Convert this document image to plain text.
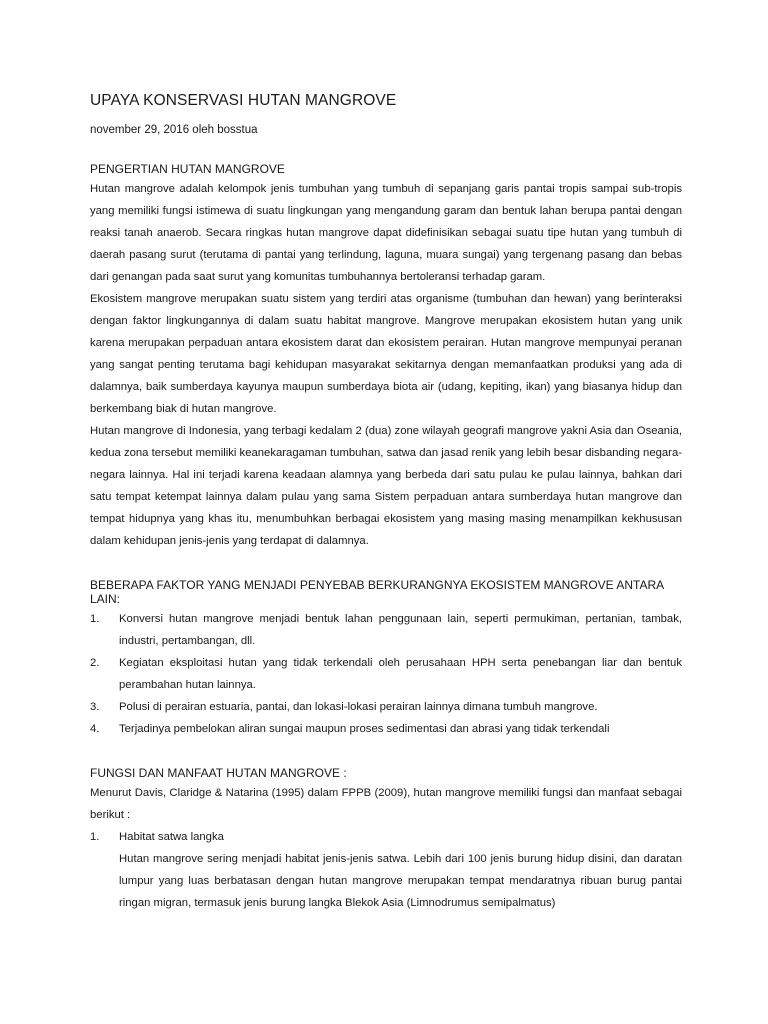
UPAYA KONSERVASI HUTAN MANGROVE
november 29, 2016 oleh bosstua
PENGERTIAN HUTAN MANGROVE

Hutan mangrove adalah kelompok jenis tumbuhan yang tumbuh di sepanjang garis pantai tropis sampai sub-tropis yang memiliki fungsi istimewa di suatu lingkungan yang mengandung garam dan bentuk lahan berupa pantai dengan reaksi tanah anaerob. Secara ringkas hutan mangrove dapat didefinisikan sebagai suatu tipe hutan yang tumbuh di daerah pasang surut (terutama di pantai yang terlindung, laguna, muara sungai) yang tergenang pasang dan bebas dari genangan pada saat surut yang komunitas tumbuhannya bertoleransi terhadap garam.

Ekosistem mangrove merupakan suatu sistem yang terdiri atas organisme (tumbuhan dan hewan) yang berinteraksi dengan faktor lingkungannya di dalam suatu habitat mangrove. Mangrove merupakan ekosistem hutan yang unik karena merupakan perpaduan antara ekosistem darat dan ekosistem perairan. Hutan mangrove mempunyai peranan yang sangat penting terutama bagi kehidupan masyarakat sekitarnya dengan memanfaatkan produksi yang ada di dalamnya, baik sumberdaya kayunya maupun sumberdaya biota air (udang, kepiting, ikan) yang biasanya hidup dan berkembang biak di hutan mangrove.

Hutan mangrove di Indonesia, yang terbagi kedalam 2 (dua) zone wilayah geografi mangrove yakni Asia dan Oseania, kedua zona tersebut memiliki keanekaragaman tumbuhan, satwa dan jasad renik yang lebih besar disbanding negara-negara lainnya. Hal ini terjadi karena keadaan alamnya yang berbeda dari satu pulau ke pulau lainnya, bahkan dari satu tempat ketempat lainnya dalam pulau yang sama Sistem perpaduan antara sumberdaya hutan mangrove dan tempat hidupnya yang khas itu, menumbuhkan berbagai ekosistem yang masing masing menampilkan kekhususan dalam kehidupan jenis-jenis yang terdapat di dalamnya.

BEBERAPA FAKTOR YANG MENJADI PENYEBAB BERKURANGNYA EKOSISTEM MANGROVE ANTARA LAIN:
1. Konversi hutan mangrove menjadi bentuk lahan penggunaan lain, seperti permukiman, pertanian, tambak, industri, pertambangan, dll.
2. Kegiatan eksploitasi hutan yang tidak terkendali oleh perusahaan HPH serta penebangan liar dan bentuk perambahan hutan lainnya.
3. Polusi di perairan estuaria, pantai, dan lokasi-lokasi perairan lainnya dimana tumbuh mangrove.
4. Terjadinya pembelokan aliran sungai maupun proses sedimentasi dan abrasi yang tidak terkendali
FUNGSI DAN MANFAAT HUTAN MANGROVE :

Menurut Davis, Claridge & Natarina (1995) dalam FPPB (2009), hutan mangrove memiliki fungsi dan manfaat sebagai berikut :

1. Habitat satwa langka
Hutan mangrove sering menjadi habitat jenis-jenis satwa. Lebih dari 100 jenis burung hidup disini, dan daratan lumpur yang luas berbatasan dengan hutan mangrove merupakan tempat mendaratnya ribuan burug pantai ringan migran, termasuk jenis burung langka Blekok Asia (Limnodrumus semipalmatus)
